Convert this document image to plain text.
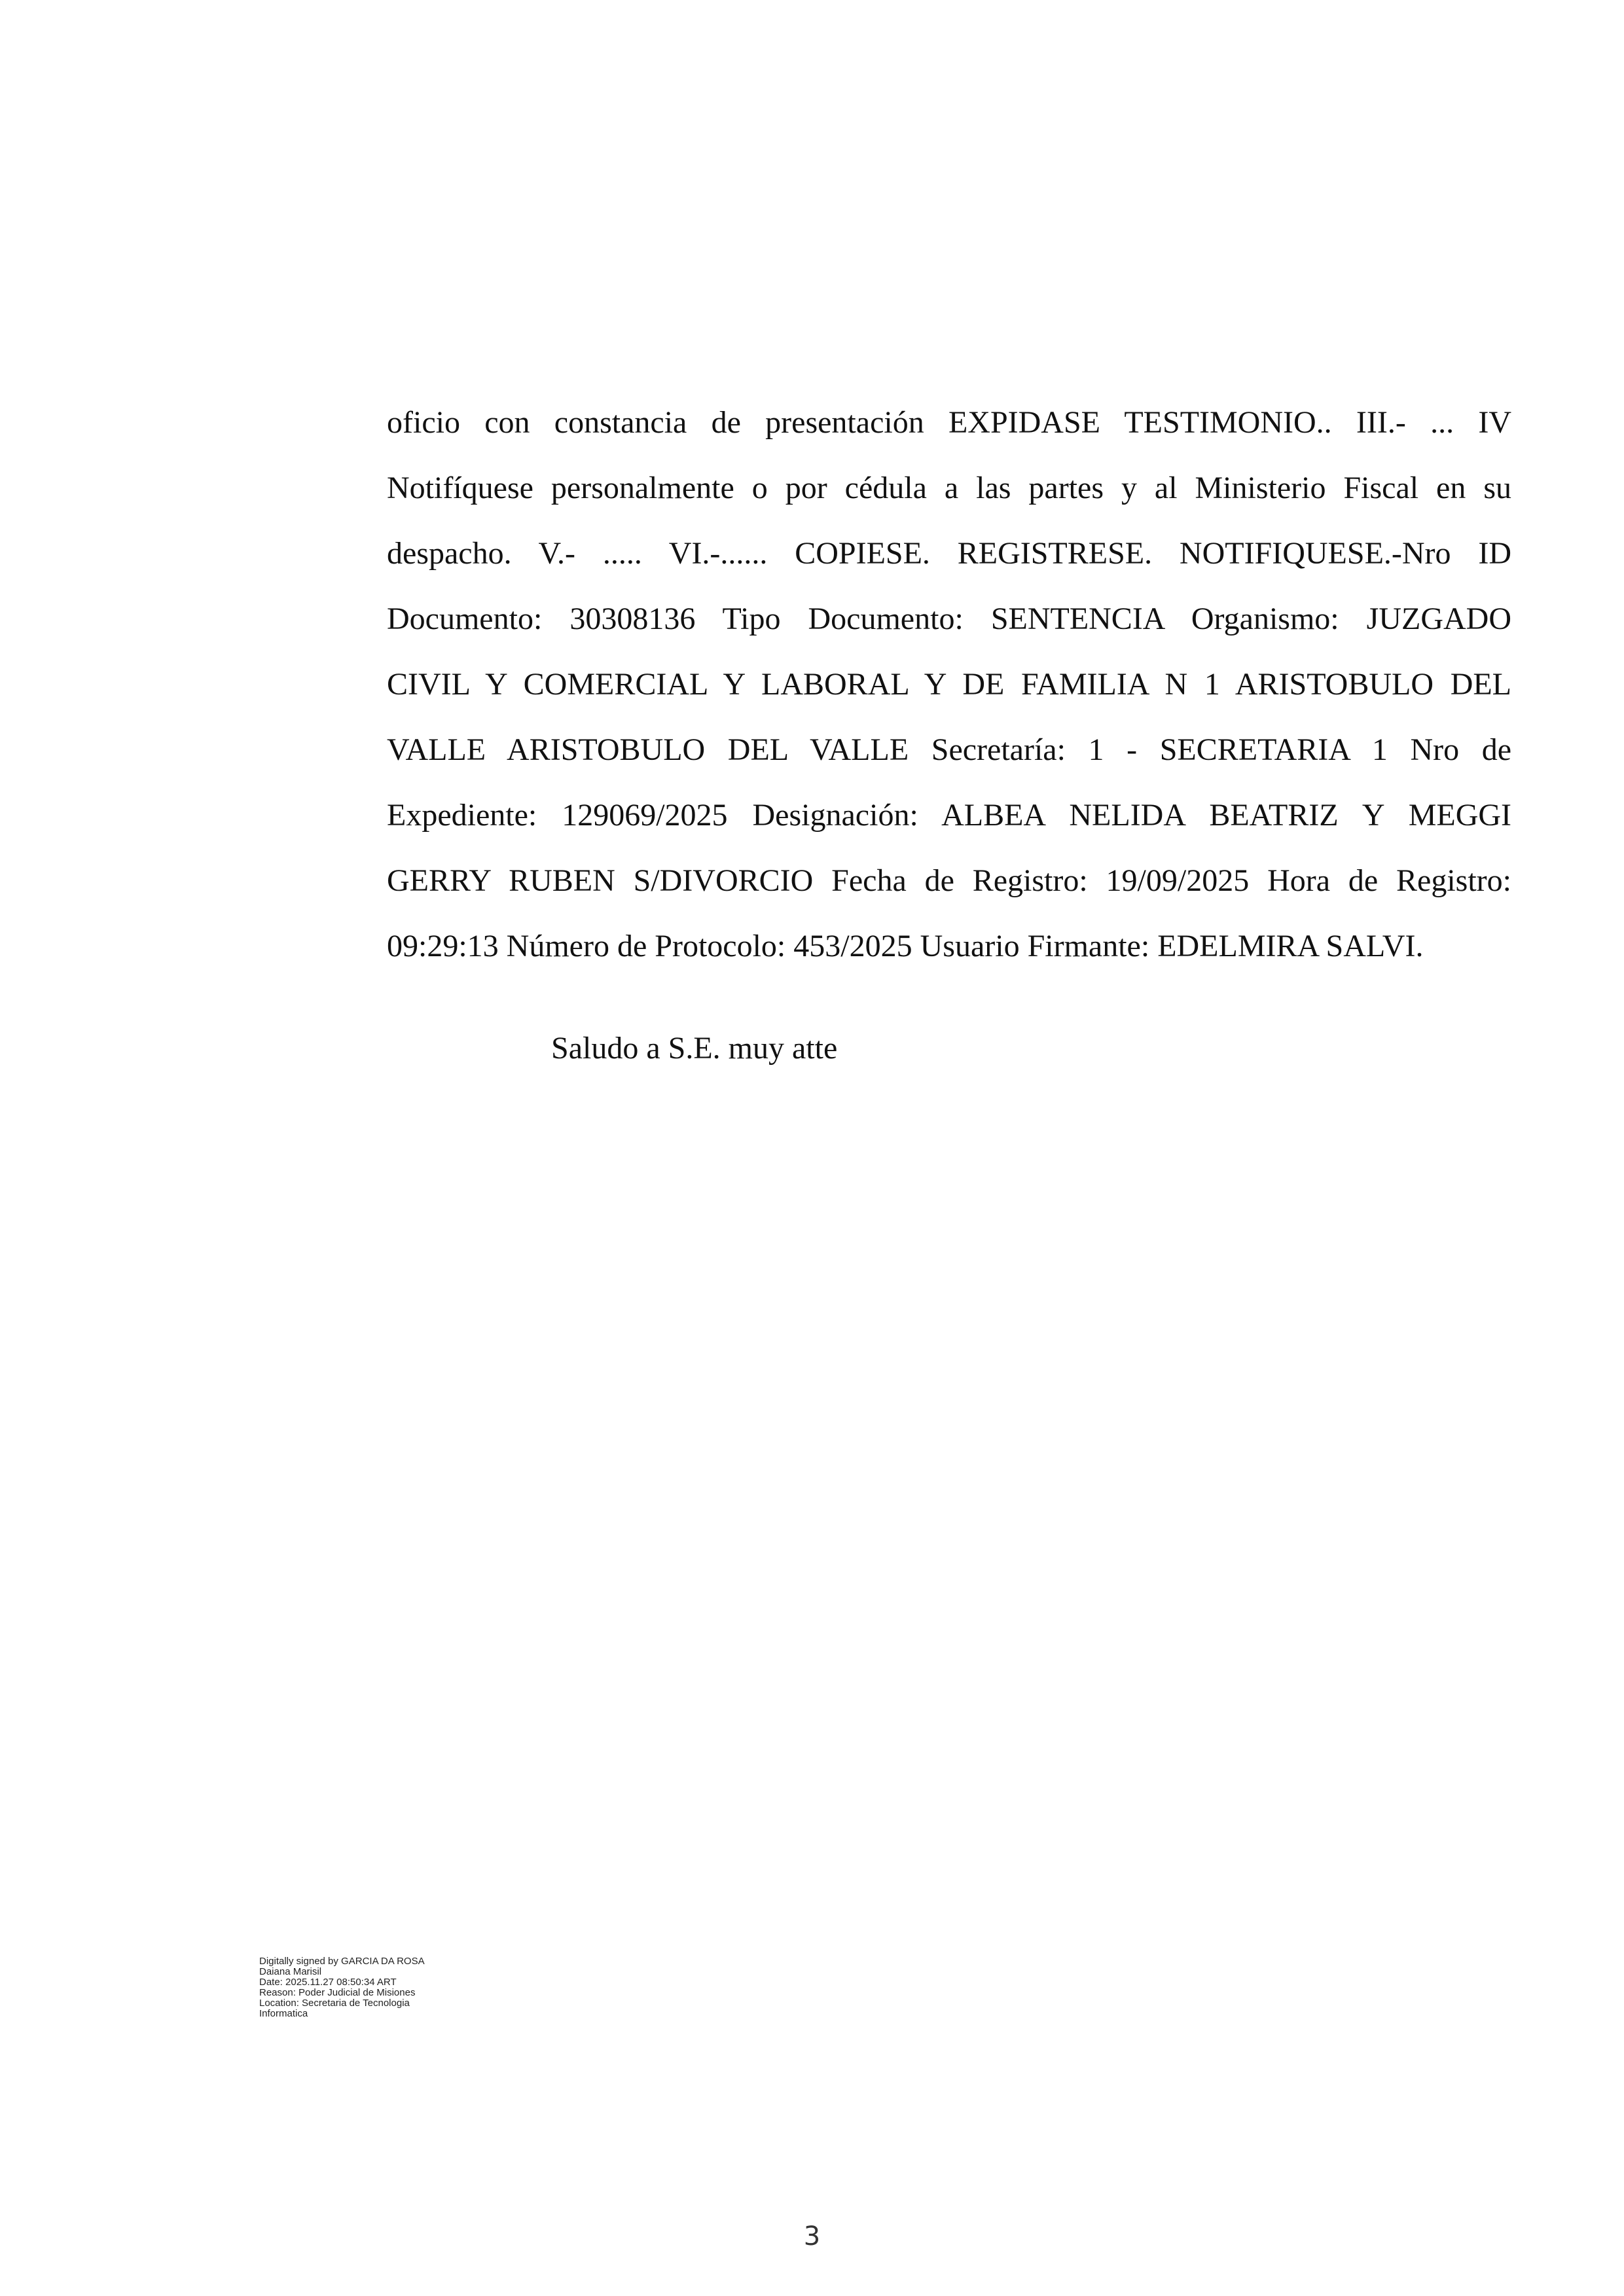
oficio con constancia de presentación EXPIDASE TESTIMONIO.. III.- ... IV
Notifíquese personalmente o por cédula a las partes y al Ministerio Fiscal en su
despacho. V.- ..... VI.-...... COPIESE. REGISTRESE. NOTIFIQUESE.-Nro ID
Documento: 30308136 Tipo Documento: SENTENCIA Organismo: JUZGADO
CIVIL Y COMERCIAL Y LABORAL Y DE FAMILIA N 1 ARISTOBULO DEL
VALLE ARISTOBULO DEL VALLE Secretaría: 1 - SECRETARIA 1 Nro de
Expediente: 129069/2025 Designación: ALBEA NELIDA BEATRIZ Y MEGGI
GERRY RUBEN S/DIVORCIO Fecha de Registro: 19/09/2025 Hora de Registro:
09:29:13 Número de Protocolo: 453/2025 Usuario Firmante: EDELMIRA SALVI.
Saludo a S.E. muy atte
Digitally signed by GARCIA DA ROSA
Daiana Marisil
Date: 2025.11.27 08:50:34 ART
Reason: Poder Judicial de Misiones
Location: Secretaria de Tecnologia
Informatica
3
